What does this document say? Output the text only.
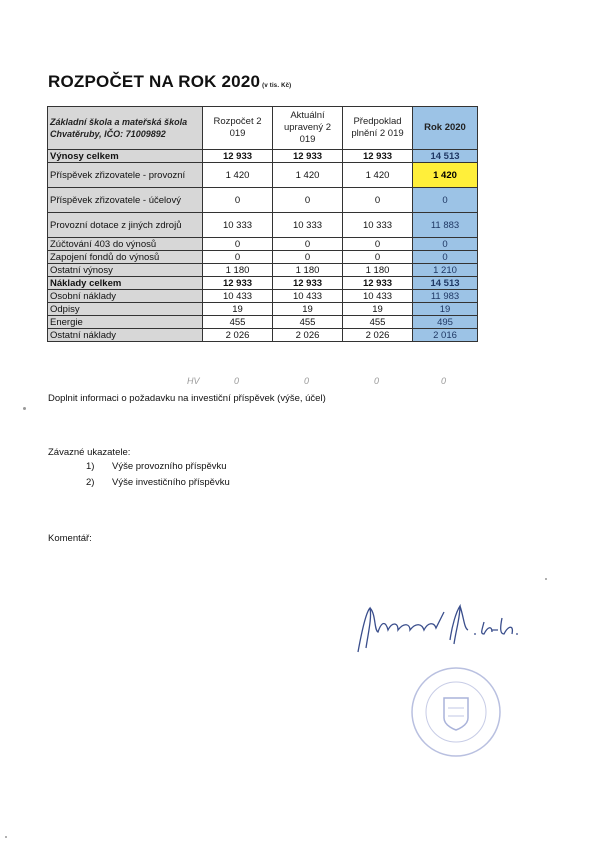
ROZPOČET NA ROK 2020 (v tis. Kč)
Základní škola a mateřská škola Chvatěruby, IČO: 71009892	Rozpočet 2 019	Aktuální upravený 2 019	Předpoklad plnění 2 019	Rok 2020
Výnosy celkem	12 933	12 933	12 933	14 513
Příspěvek zřizovatele - provozní	1 420	1 420	1 420	1 420
Příspěvek zřizovatele - účelový	0	0	0	0
Provozní dotace z jiných zdrojů	10 333	10 333	10 333	11 883
Zúčtování 403 do výnosů	0	0	0	0
Zapojení fondů do výnosů	0	0	0	0
Ostatní výnosy	1 180	1 180	1 180	1 210
Náklady celkem	12 933	12 933	12 933	14 513
Osobní náklady	10 433	10 433	10 433	11 983
Odpisy	19	19	19	19
Energie	455	455	455	495
Ostatní náklady	2 026	2 026	2 026	2 016
HV	0	0	0	0
Doplnit informaci o požadavku na investiční příspěvek (výše, účel)
Závazné ukazatele:
1) Výše provozního příspěvku
2) Výše investičního příspěvku
Komentář:
